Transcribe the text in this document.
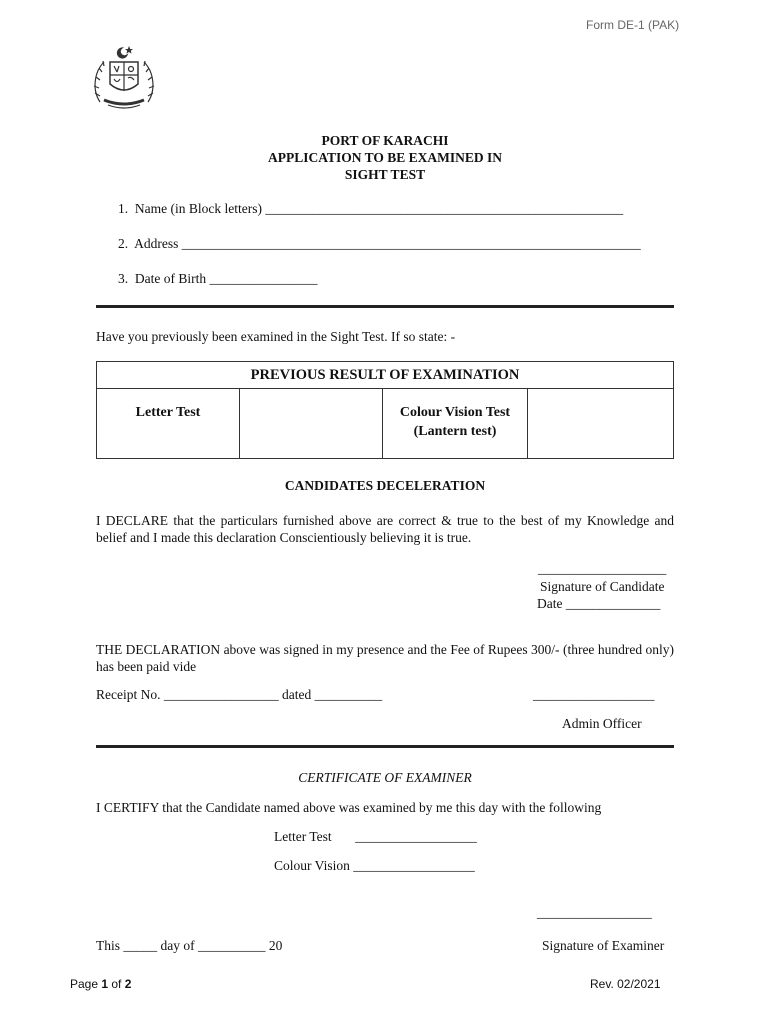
Form DE-1 (PAK)
PORT OF KARACHI
APPLICATION TO BE EXAMINED IN
SIGHT TEST
1.  Name (in Block letters) _____________________________________________________
2.  Address ____________________________________________________________________
3.  Date of Birth ________________
Have you previously been examined in the Sight Test. If so state: -
PREVIOUS RESULT OF EXAMINATION
Letter Test		Colour Vision Test
(Lantern test)

CANDIDATES DECELERATION
I DECLARE that the particulars furnished above are correct & true to the best of my Knowledge and belief and I made this declaration Conscientiously believing it is true.
___________________
Signature of Candidate
Date ______________
THE DECLARATION above was signed in my presence and the Fee of Rupees 300/- (three hundred only) has been paid vide
Receipt No. _________________ dated __________	__________________
Admin Officer
CERTIFICATE OF EXAMINER
I CERTIFY that the Candidate named above was examined by me this day with the following
Letter Test       __________________
Colour Vision __________________
_________________
This _____ day of __________ 20	Signature of Examiner
Page 1 of 2	Rev. 02/2021
